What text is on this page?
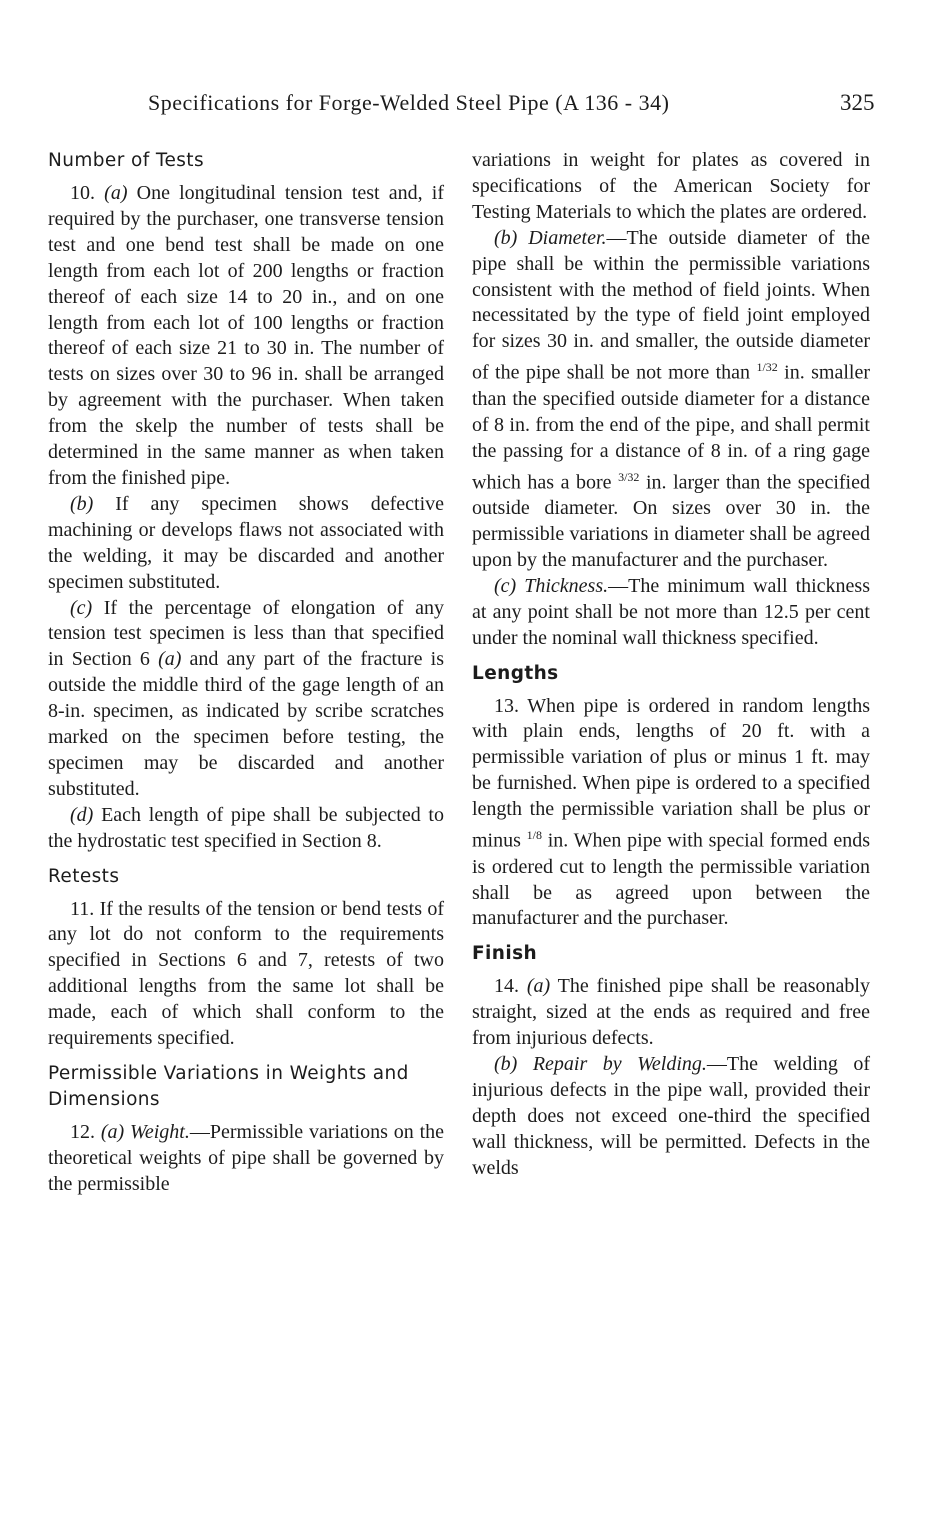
Specifications for Forge-Welded Steel Pipe (A 136 - 34)	325

Number of Tests

10. (a) One longitudinal tension test and, if required by the purchaser, one transverse tension test and one bend test shall be made on one length from each lot of 200 lengths or fraction thereof of each size 14 to 20 in., and on one length from each lot of 100 lengths or fraction thereof of each size 21 to 30 in. The number of tests on sizes over 30 to 96 in. shall be arranged by agreement with the purchaser. When taken from the skelp the number of tests shall be determined in the same manner as when taken from the finished pipe.

(b) If any specimen shows defective machining or develops flaws not associated with the welding, it may be discarded and another specimen substituted.

(c) If the percentage of elongation of any tension test specimen is less than that specified in Section 6 (a) and any part of the fracture is outside the middle third of the gage length of an 8-in. specimen, as indicated by scribe scratches marked on the specimen before testing, the specimen may be discarded and another substituted.

(d) Each length of pipe shall be subjected to the hydrostatic test specified in Section 8.

Retests

11. If the results of the tension or bend tests of any lot do not conform to the requirements specified in Sections 6 and 7, retests of two additional lengths from the same lot shall be made, each of which shall conform to the requirements specified.

Permissible Variations in Weights and Dimensions

12. (a) Weight.—Permissible variations on the theoretical weights of pipe shall be governed by the permissible

variations in weight for plates as covered in specifications of the American Society for Testing Materials to which the plates are ordered.

(b) Diameter.—The outside diameter of the pipe shall be within the permissible variations consistent with the method of field joints. When necessitated by the type of field joint employed for sizes 30 in. and smaller, the outside diameter of the pipe shall be not more than $^{1/32}$ in. smaller than the specified outside diameter for a distance of 8 in. from the end of the pipe, and shall permit the passing for a distance of 8 in. of a ring gage which has a bore $^{3/32}$ in. larger than the specified outside diameter. On sizes over 30 in. the permissible variations in diameter shall be agreed upon by the manufacturer and the purchaser.

(c) Thickness.—The minimum wall thickness at any point shall be not more than 12.5 per cent under the nominal wall thickness specified.

Lengths

13. When pipe is ordered in random lengths with plain ends, lengths of 20 ft. with a permissible variation of plus or minus 1 ft. may be furnished. When pipe is ordered to a specified length the permissible variation shall be plus or minus $^{1/8}$ in. When pipe with special formed ends is ordered cut to length the permissible variation shall be as agreed upon between the manufacturer and the purchaser.

Finish

14. (a) The finished pipe shall be reasonably straight, sized at the ends as required and free from injurious defects.

(b) Repair by Welding.—The welding of injurious defects in the pipe wall, provided their depth does not exceed one-third the specified wall thickness, will be permitted. Defects in the welds
